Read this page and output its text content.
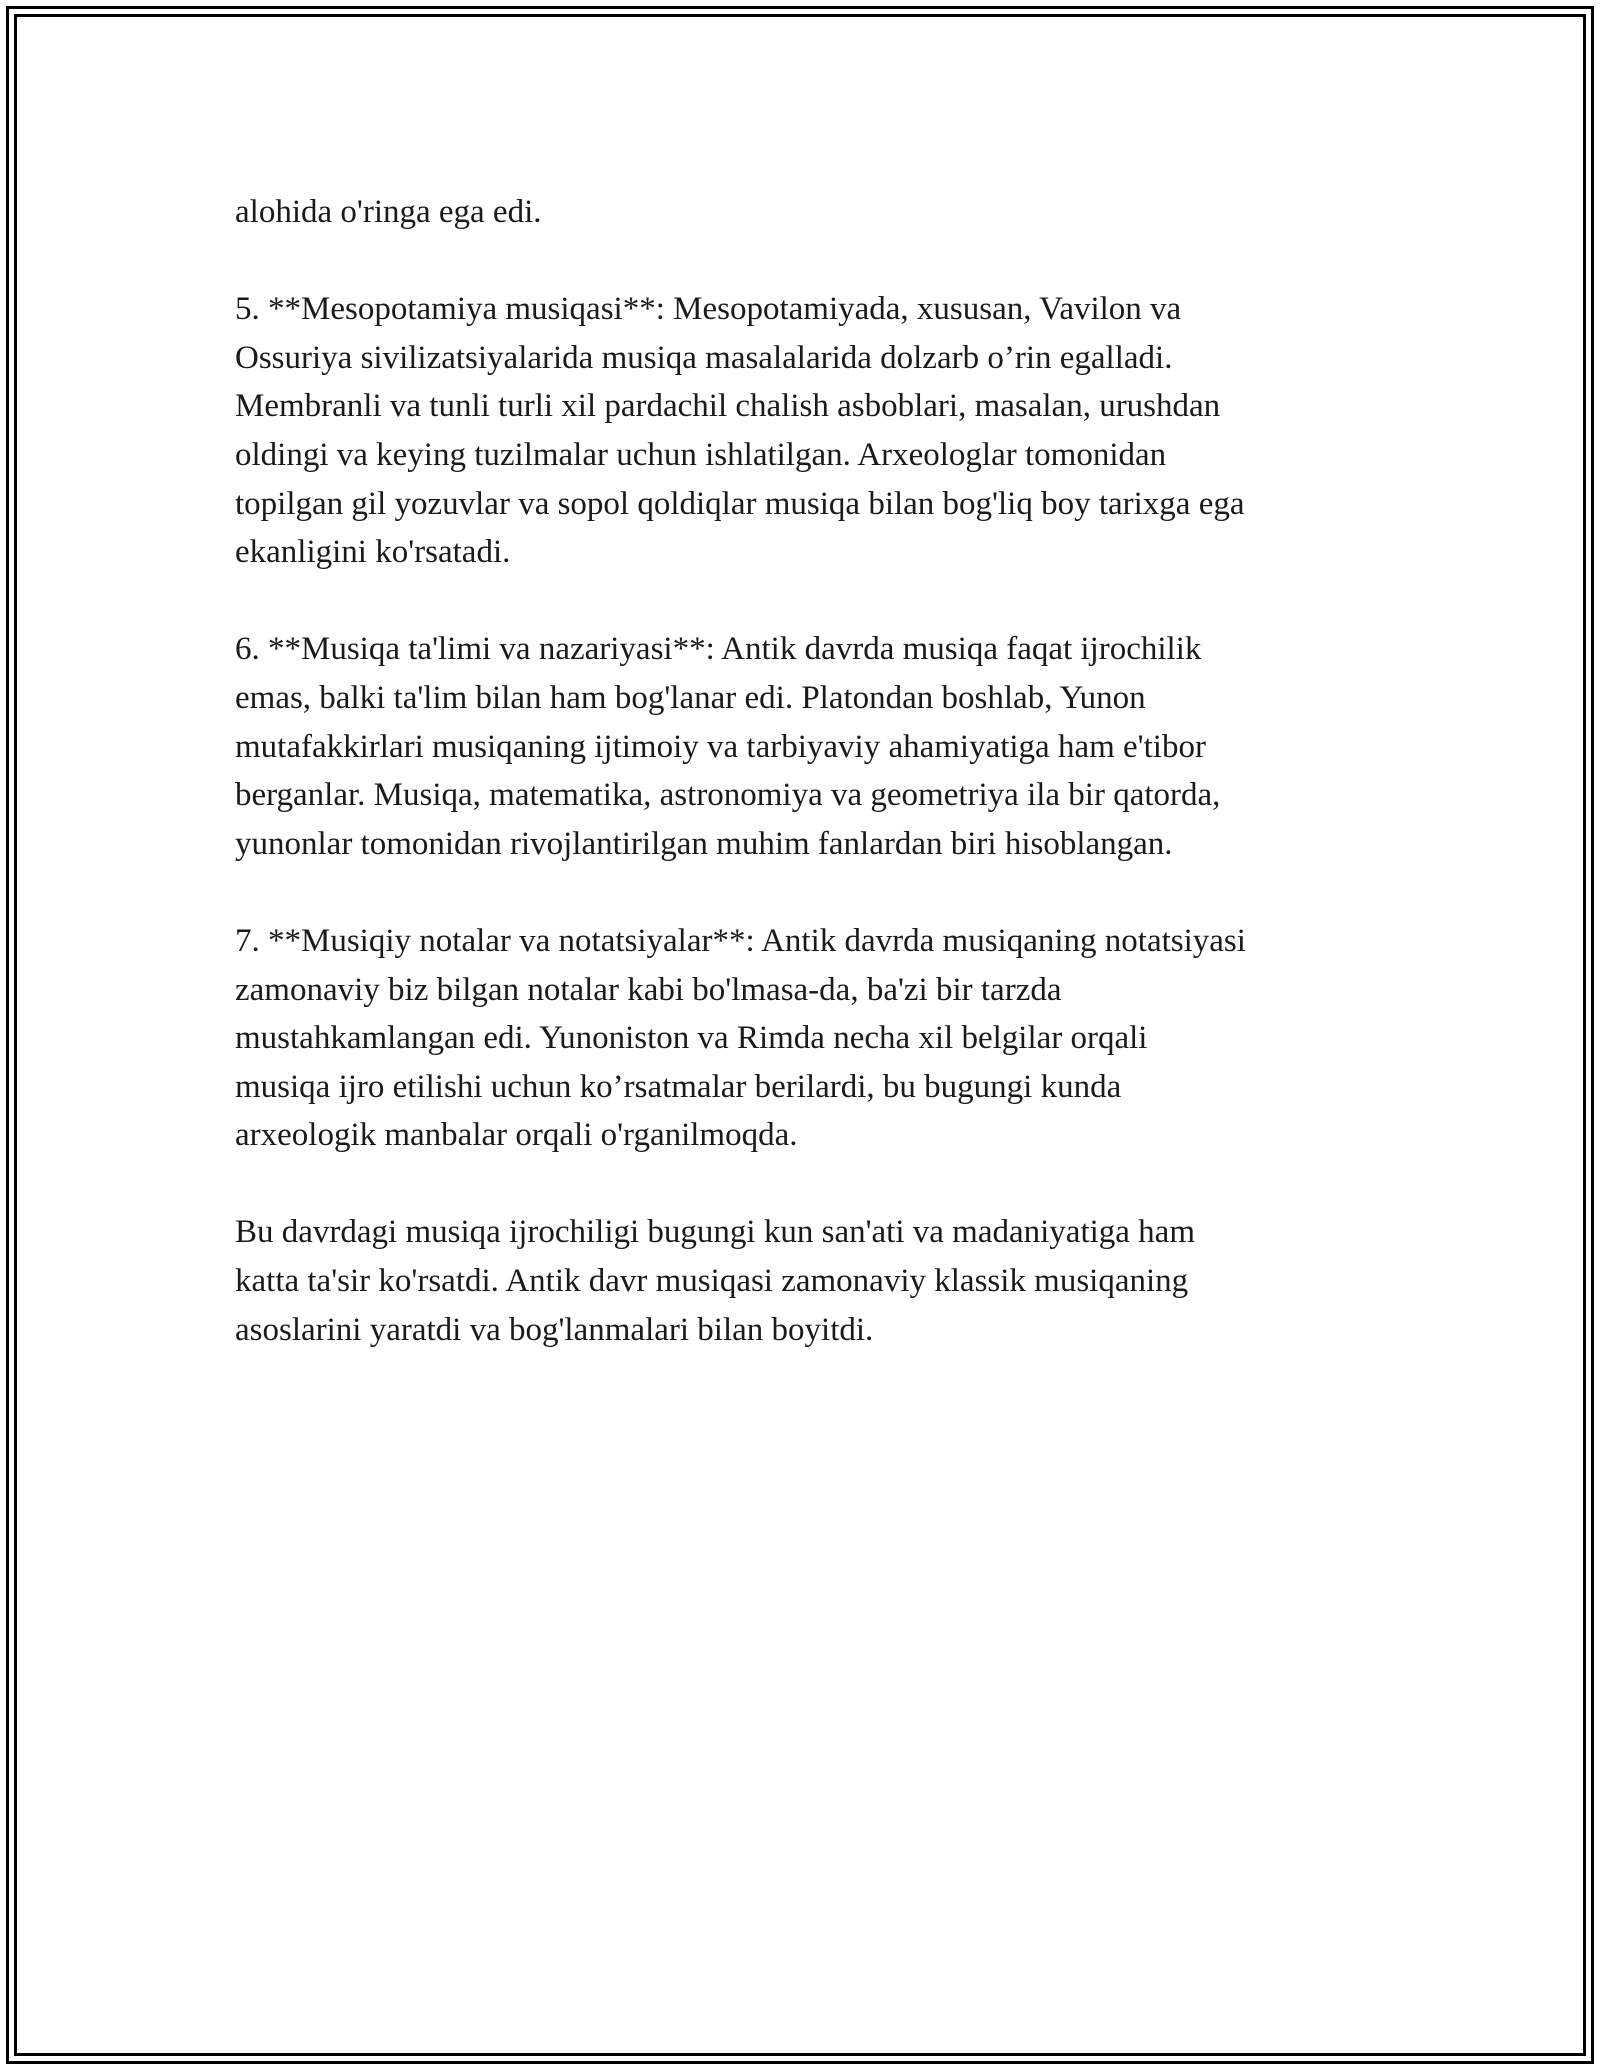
alohida o'ringa ega edi.

5. **Mesopotamiya musiqasi**: Mesopotamiyada, xususan, Vavilon va
Ossuriya sivilizatsiyalarida musiqa masalalarida dolzarb o’rin egalladi.
Membranli va tunli turli xil pardachil chalish asboblari, masalan, urushdan
oldingi va keying tuzilmalar uchun ishlatilgan. Arxeologlar tomonidan
topilgan gil yozuvlar va sopol qoldiqlar musiqa bilan bog'liq boy tarixga ega
ekanligini ko'rsatadi.

6. **Musiqa ta'limi va nazariyasi**: Antik davrda musiqa faqat ijrochilik
emas, balki ta'lim bilan ham bog'lanar edi. Platondan boshlab, Yunon
mutafakkirlari musiqaning ijtimoiy va tarbiyaviy ahamiyatiga ham e'tibor
berganlar. Musiqa, matematika, astronomiya va geometriya ila bir qatorda,
yunonlar tomonidan rivojlantirilgan muhim fanlardan biri hisoblangan.

7. **Musiqiy notalar va notatsiyalar**: Antik davrda musiqaning notatsiyasi
zamonaviy biz bilgan notalar kabi bo'lmasa-da, ba'zi bir tarzda
mustahkamlangan edi. Yunoniston va Rimda necha xil belgilar orqali
musiqa ijro etilishi uchun ko’rsatmalar berilardi, bu bugungi kunda
arxeologik manbalar orqali o'rganilmoqda.

Bu davrdagi musiqa ijrochiligi bugungi kun san'ati va madaniyatiga ham
katta ta'sir ko'rsatdi. Antik davr musiqasi zamonaviy klassik musiqaning
asoslarini yaratdi va bog'lanmalari bilan boyitdi.
